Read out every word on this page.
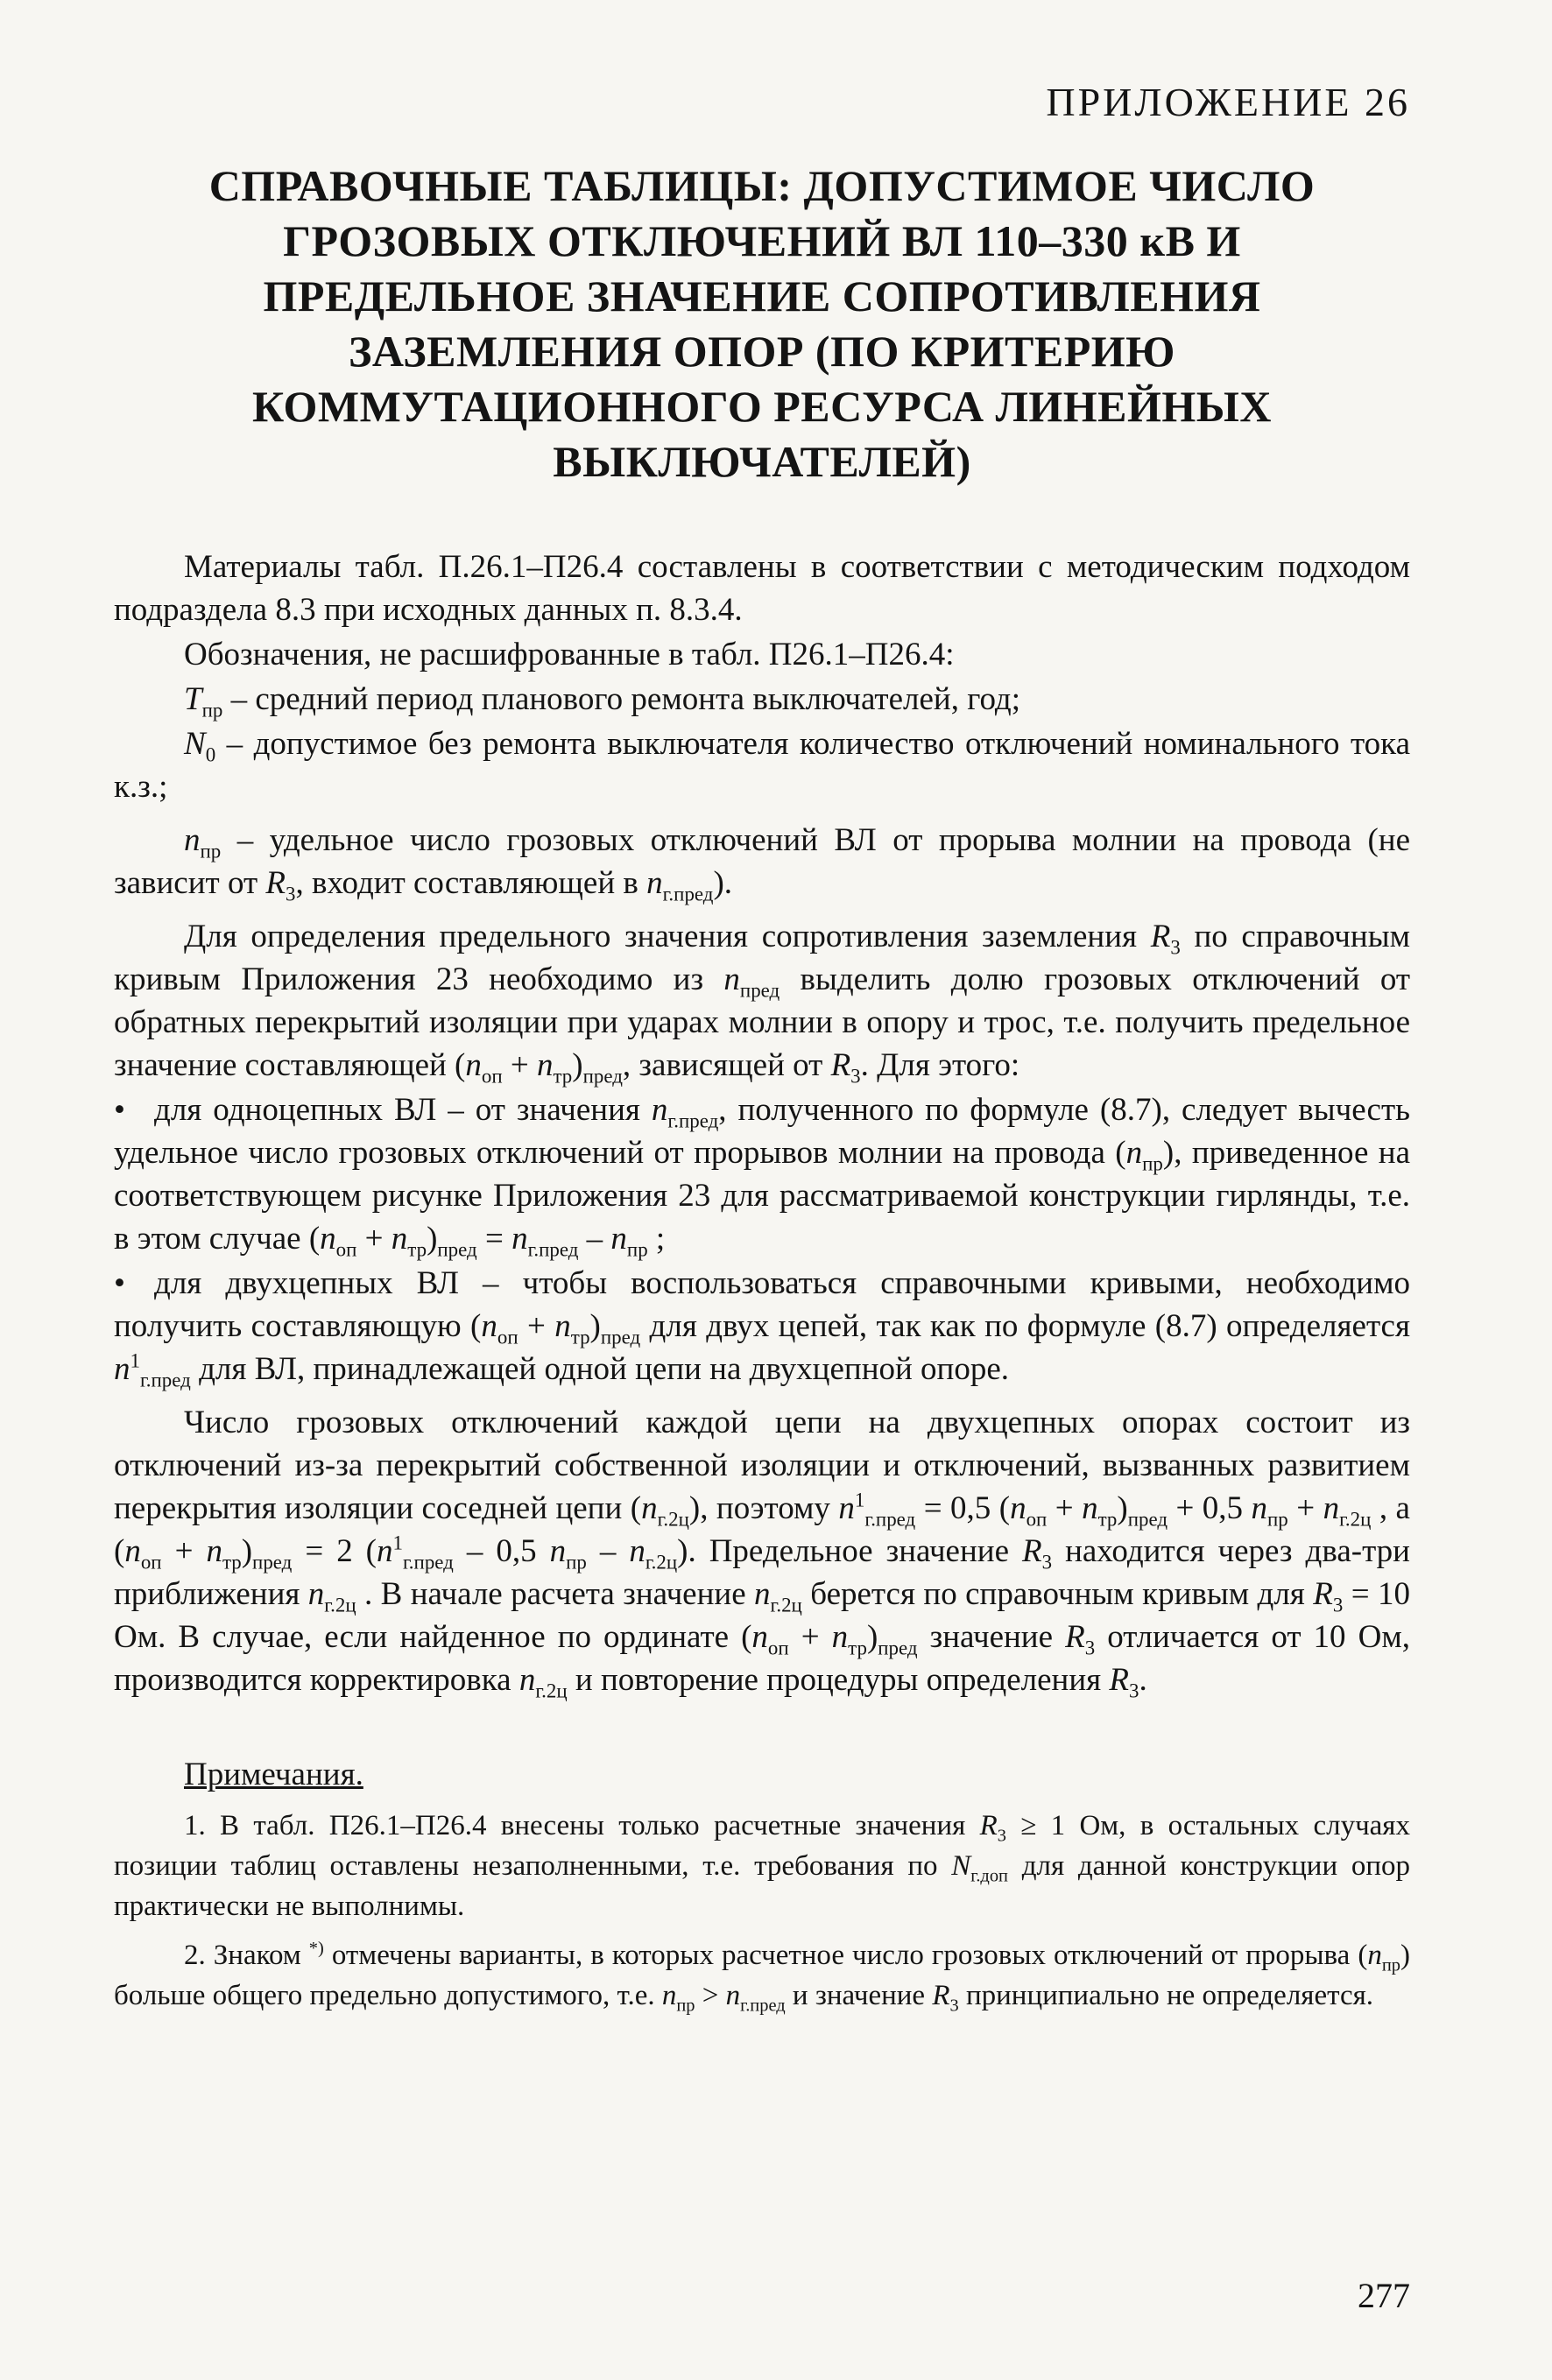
ПРИЛОЖЕНИЕ 26
СПРАВОЧНЫЕ ТАБЛИЦЫ: ДОПУСТИМОЕ ЧИСЛО ГРОЗОВЫХ ОТКЛЮЧЕНИЙ ВЛ 110–330 кВ И ПРЕДЕЛЬНОЕ ЗНАЧЕНИЕ СОПРОТИВЛЕНИЯ ЗАЗЕМЛЕНИЯ ОПОР (ПО КРИТЕРИЮ КОММУТАЦИОННОГО РЕСУРСА ЛИНЕЙНЫХ ВЫКЛЮЧАТЕЛЕЙ)

Материалы табл. П.26.1–П26.4 составлены в соответствии с методическим подходом подраздела 8.3 при исходных данных п. 8.3.4.

Обозначения, не расшифрованные в табл. П26.1–П26.4:

$T_{пр}$ – средний период планового ремонта выключателей, год;

$N_0$ – допустимое без ремонта выключателя количество отключений номинального тока к.з.;

$n_{пр}$ – удельное число грозовых отключений ВЛ от прорыва молнии на провода (не зависит от $R_3$, входит составляющей в $n_{г.пред}$).

Для определения предельного значения сопротивления заземления $R_3$ по справочным кривым Приложения 23 необходимо из $n_{пред}$ выделить долю грозовых отключений от обратных перекрытий изоляции при ударах молнии в опору и трос, т.е. получить предельное значение составляющей $(n_{оп} + n_{тр})_{пред}$, зависящей от $R_3$. Для этого:

• для одноцепных ВЛ – от значения $n_{г.пред}$, полученного по формуле (8.7), следует вычесть удельное число грозовых отключений от прорывов молнии на провода $(n_{пр})$, приведенное на соответствующем рисунке Приложения 23 для рассматриваемой конструкции гирлянды, т.е. в этом случае $(n_{оп} + n_{тр})_{пред} = n_{г.пред} - n_{пр}$ ;

• для двухцепных ВЛ – чтобы воспользоваться справочными кривыми, необходимо получить составляющую $(n_{оп} + n_{тр})_{пред}$ для двух цепей, так как по формуле (8.7) определяется $n^1_{г.пред}$ для ВЛ, принадлежащей одной цепи на двухцепной опоре.

Число грозовых отключений каждой цепи на двухцепных опорах состоит из отключений из-за перекрытий собственной изоляции и отключений, вызванных развитием перекрытия изоляции соседней цепи $(n_{г.2ц})$, поэтому $n^1_{г.пред} = 0,5$ $(n_{оп} + n_{тр})_{пред} + 0,5$ $n_{пр} + n_{г.2ц}$ , а $(n_{оп} + n_{тр})_{пред} = 2$ ($n^1_{г.пред} - 0,5$ $n_{пр} - n_{г.2ц}$). Предельное значение $R_3$ находится через два-три приближения $n_{г.2ц}$ . В начале расчета значение $n_{г.2ц}$ берется по справочным кривым для $R_3 = 10$ Ом. В случае, если найденное по ординате $(n_{оп} + n_{тр})_{пред}$ значение $R_3$ отличается от 10 Ом, производится корректировка $n_{г.2ц}$ и повторение процедуры определения $R_3$.

Примечания.

1. В табл. П26.1–П26.4 внесены только расчетные значения $R_3 \ge 1$ Ом, в остальных случаях позиции таблиц оставлены незаполненными, т.е. требования по $N_{г.доп}$ для данной конструкции опор практически не выполнимы.

2. Знаком *) отмечены варианты, в которых расчетное число грозовых отключений от прорыва $(n_{пр})$ больше общего предельно допустимого, т.е. $n_{пр} > n_{г.пред}$ и значение $R_3$ принципиально не определяется.

277
